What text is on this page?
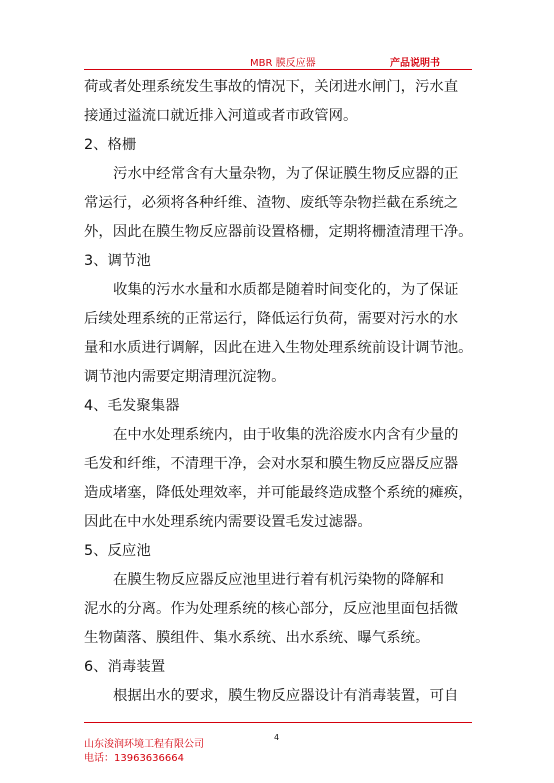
MBR 膜反应器	产品说明书
荷或者处理系统发生事故的情况下，关闭进水闸门，污水直
接通过溢流口就近排入河道或者市政管网。
2、格栅
污水中经常含有大量杂物，为了保证膜生物反应器的正
常运行，必须将各种纤维、渣物、废纸等杂物拦截在系统之
外，因此在膜生物反应器前设置格栅，定期将栅渣清理干净。
3、调节池
收集的污水水量和水质都是随着时间变化的，为了保证
后续处理系统的正常运行，降低运行负荷，需要对污水的水
量和水质进行调解，因此在进入生物处理系统前设计调节池。
调节池内需要定期清理沉淀物。
4、毛发聚集器
在中水处理系统内，由于收集的洗浴废水内含有少量的
毛发和纤维，不清理干净，会对水泵和膜生物反应器反应器
造成堵塞，降低处理效率，并可能最终造成整个系统的瘫痪，
因此在中水处理系统内需要设置毛发过滤器。
5、反应池
在膜生物反应器反应池里进行着有机污染物的降解和
泥水的分离。作为处理系统的核心部分，反应池里面包括微
生物菌落、膜组件、集水系统、出水系统、曝气系统。
6、消毒装置
根据出水的要求，膜生物反应器设计有消毒装置，可自
山东浚润环境工程有限公司
电话：13963636664
4
